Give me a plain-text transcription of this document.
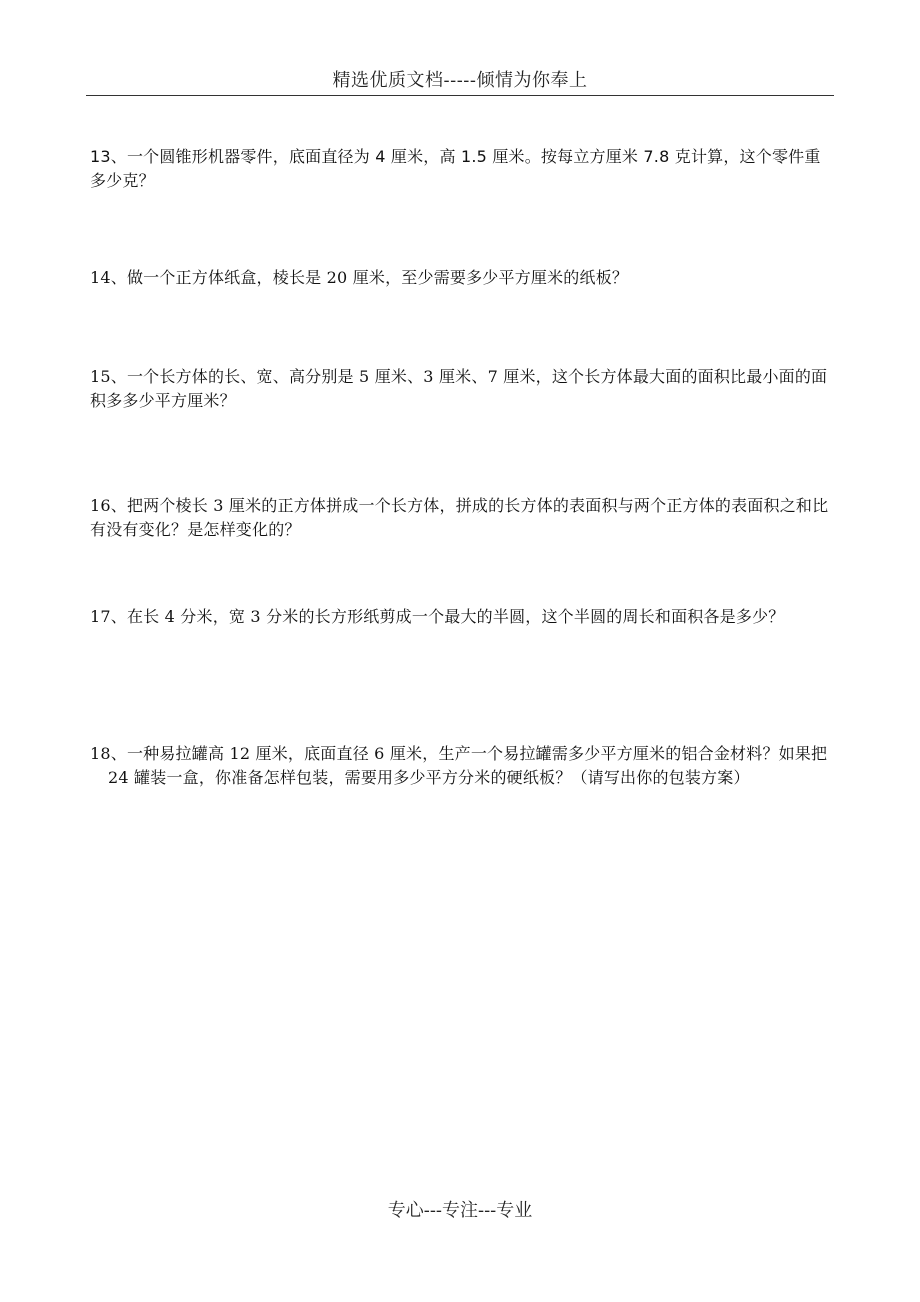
精选优质文档-----倾情为你奉上

13、一个圆锥形机器零件，底面直径为 4 厘米，高 1.5 厘米。按每立方厘米 7.8 克计算，这个零件重多少克？

14、做一个正方体纸盒，棱长是 20 厘米，至少需要多少平方厘米的纸板？

15、一个长方体的长、宽、高分别是 5 厘米、3 厘米、7 厘米，这个长方体最大面的面积比最小面的面积多多少平方厘米？

16、把两个棱长 3 厘米的正方体拼成一个长方体，拼成的长方体的表面积与两个正方体的表面积之和比有没有变化？是怎样变化的？

17、在长 4 分米，宽 3 分米的长方形纸剪成一个最大的半圆，这个半圆的周长和面积各是多少？

18、一种易拉罐高 12 厘米，底面直径 6 厘米，生产一个易拉罐需多少平方厘米的铝合金材料？如果把 24 罐装一盒，你准备怎样包装，需要用多少平方分米的硬纸板？（请写出你的包装方案）

专心---专注---专业
